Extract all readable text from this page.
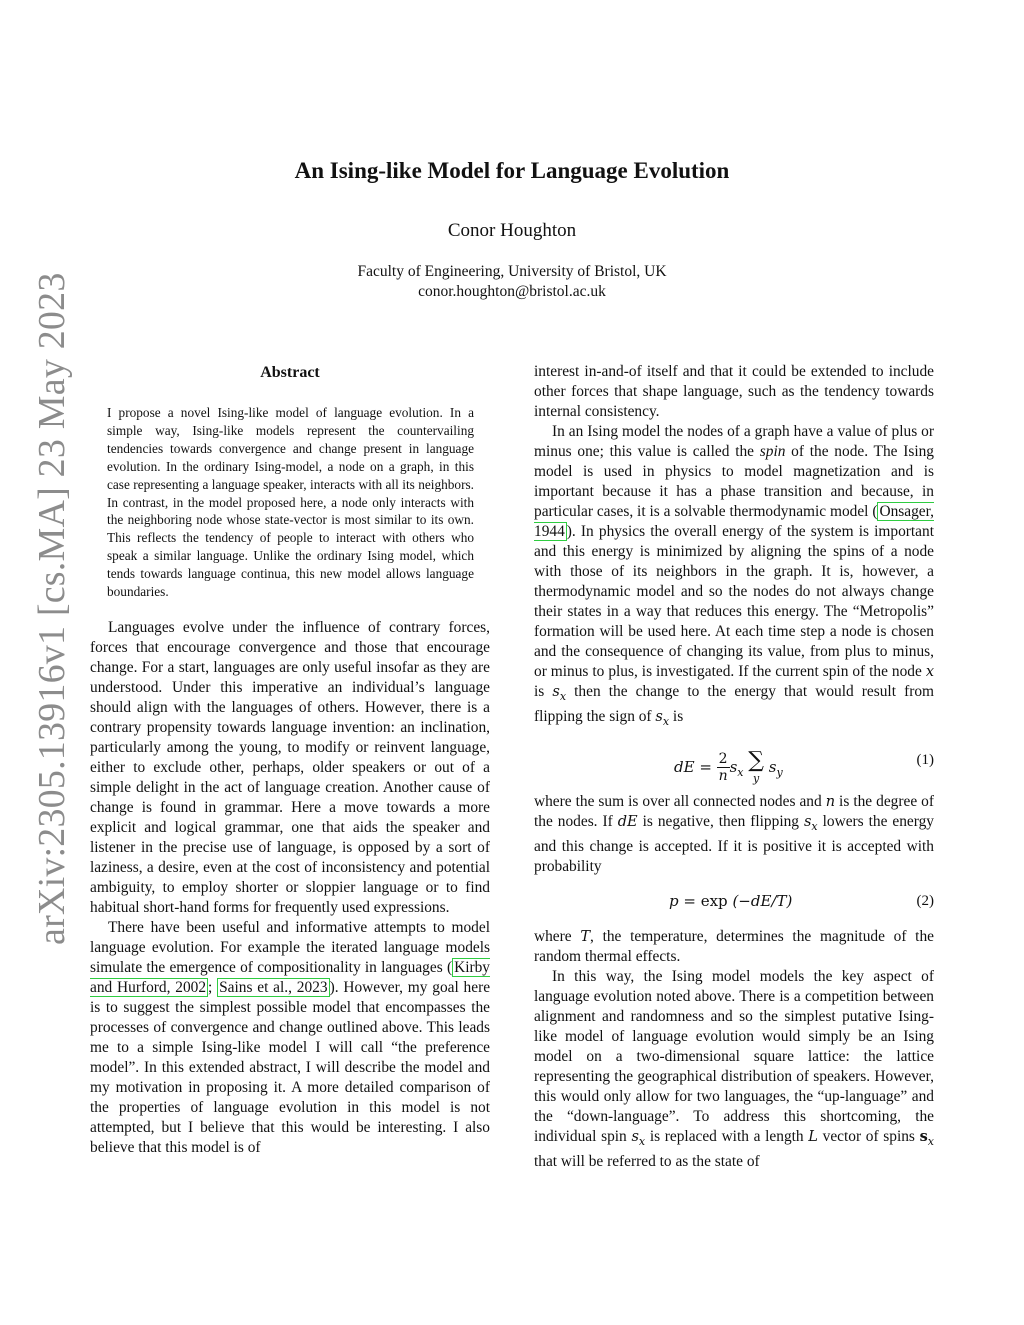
arXiv:2305.13916v1 [cs.MA] 23 May 2023
An Ising-like Model for Language Evolution
Conor Houghton
Faculty of Engineering, University of Bristol, UK
conor.houghton@bristol.ac.uk
Abstract

I propose a novel Ising-like model of language evolution. In a simple way, Ising-like models represent the countervailing tendencies towards convergence and change present in language evolution. In the ordinary Ising-model, a node on a graph, in this case representing a language speaker, interacts with all its neighbors. In contrast, in the model proposed here, a node only interacts with the neighboring node whose state-vector is most similar to its own. This reflects the tendency of people to interact with others who speak a similar language. Unlike the ordinary Ising model, which tends towards language continua, this new model allows language boundaries.

Languages evolve under the influence of contrary forces, forces that encourage convergence and those that encourage change. For a start, languages are only useful insofar as they are understood. Under this imperative an individual’s language should align with the languages of others. However, there is a contrary propensity towards language invention: an inclination, particularly among the young, to modify or reinvent language, either to exclude other, perhaps, older speakers or out of a simple delight in the act of language creation. Another cause of change is found in grammar. Here a move towards a more explicit and logical grammar, one that aids the speaker and listener in the precise use of language, is opposed by a sort of laziness, a desire, even at the cost of inconsistency and potential ambiguity, to employ shorter or sloppier language or to find habitual short-hand forms for frequently used expressions.

There have been useful and informative attempts to model language evolution. For example the iterated language models simulate the emergence of compositionality in languages ( Kirby and Hurford, 2002 ; Sains et al., 2023 ). However, my goal here is to suggest the simplest possible model that encompasses the processes of convergence and change outlined above. This leads me to a simple Ising-like model I will call “the preference model”. In this extended abstract, I will describe the model and my motivation in proposing it. A more detailed comparison of the properties of language evolution in this model is not attempted, but I believe that this would be interesting. I also believe that this model is of

interest in-and-of itself and that it could be extended to include other forces that shape language, such as the tendency towards internal consistency.

In an Ising model the nodes of a graph have a value of plus or minus one; this value is called the spin of the node. The Ising model is used in physics to model magnetization and is important because it has a phase transition and because, in particular cases, it is a solvable thermodynamic model ( Onsager, 1944 ). In physics the overall energy of the system is important and this energy is minimized by aligning the spins of a node with those of its neighbors in the graph. It is, however, a thermodynamic model and so the nodes do not always change their states in a way that reduces this energy. The “Metropolis” formation will be used here. At each time step a node is chosen and the consequence of changing its value, from plus to minus, or minus to plus, is investigated. If the current spin of the node x is $s_x$ then the change to the energy that would result from flipping the sign of $s_x$ is

dE = $\frac{2}{n} s_x$ ∑
y
$s_y$
(1)

where the sum is over all connected nodes and n is the degree of the nodes. If dE is negative, then flipping $s_x$ lowers the energy and this change is accepted. If it is positive it is accepted with probability

p = exp (−dE/T)	(2)

where T, the temperature, determines the magnitude of the random thermal effects.

In this way, the Ising model models the key aspect of language evolution noted above. There is a competition between alignment and randomness and so the simplest putative Ising-like model of language evolution would simply be an Ising model on a two-dimensional square lattice: the lattice representing the geographical distribution of speakers. However, this would only allow for two languages, the “up-language” and the “down-language”. To address this shortcoming, the individual spin $s_x$ is replaced with a length L vector of spins $s_x$ that will be referred to as the state of
